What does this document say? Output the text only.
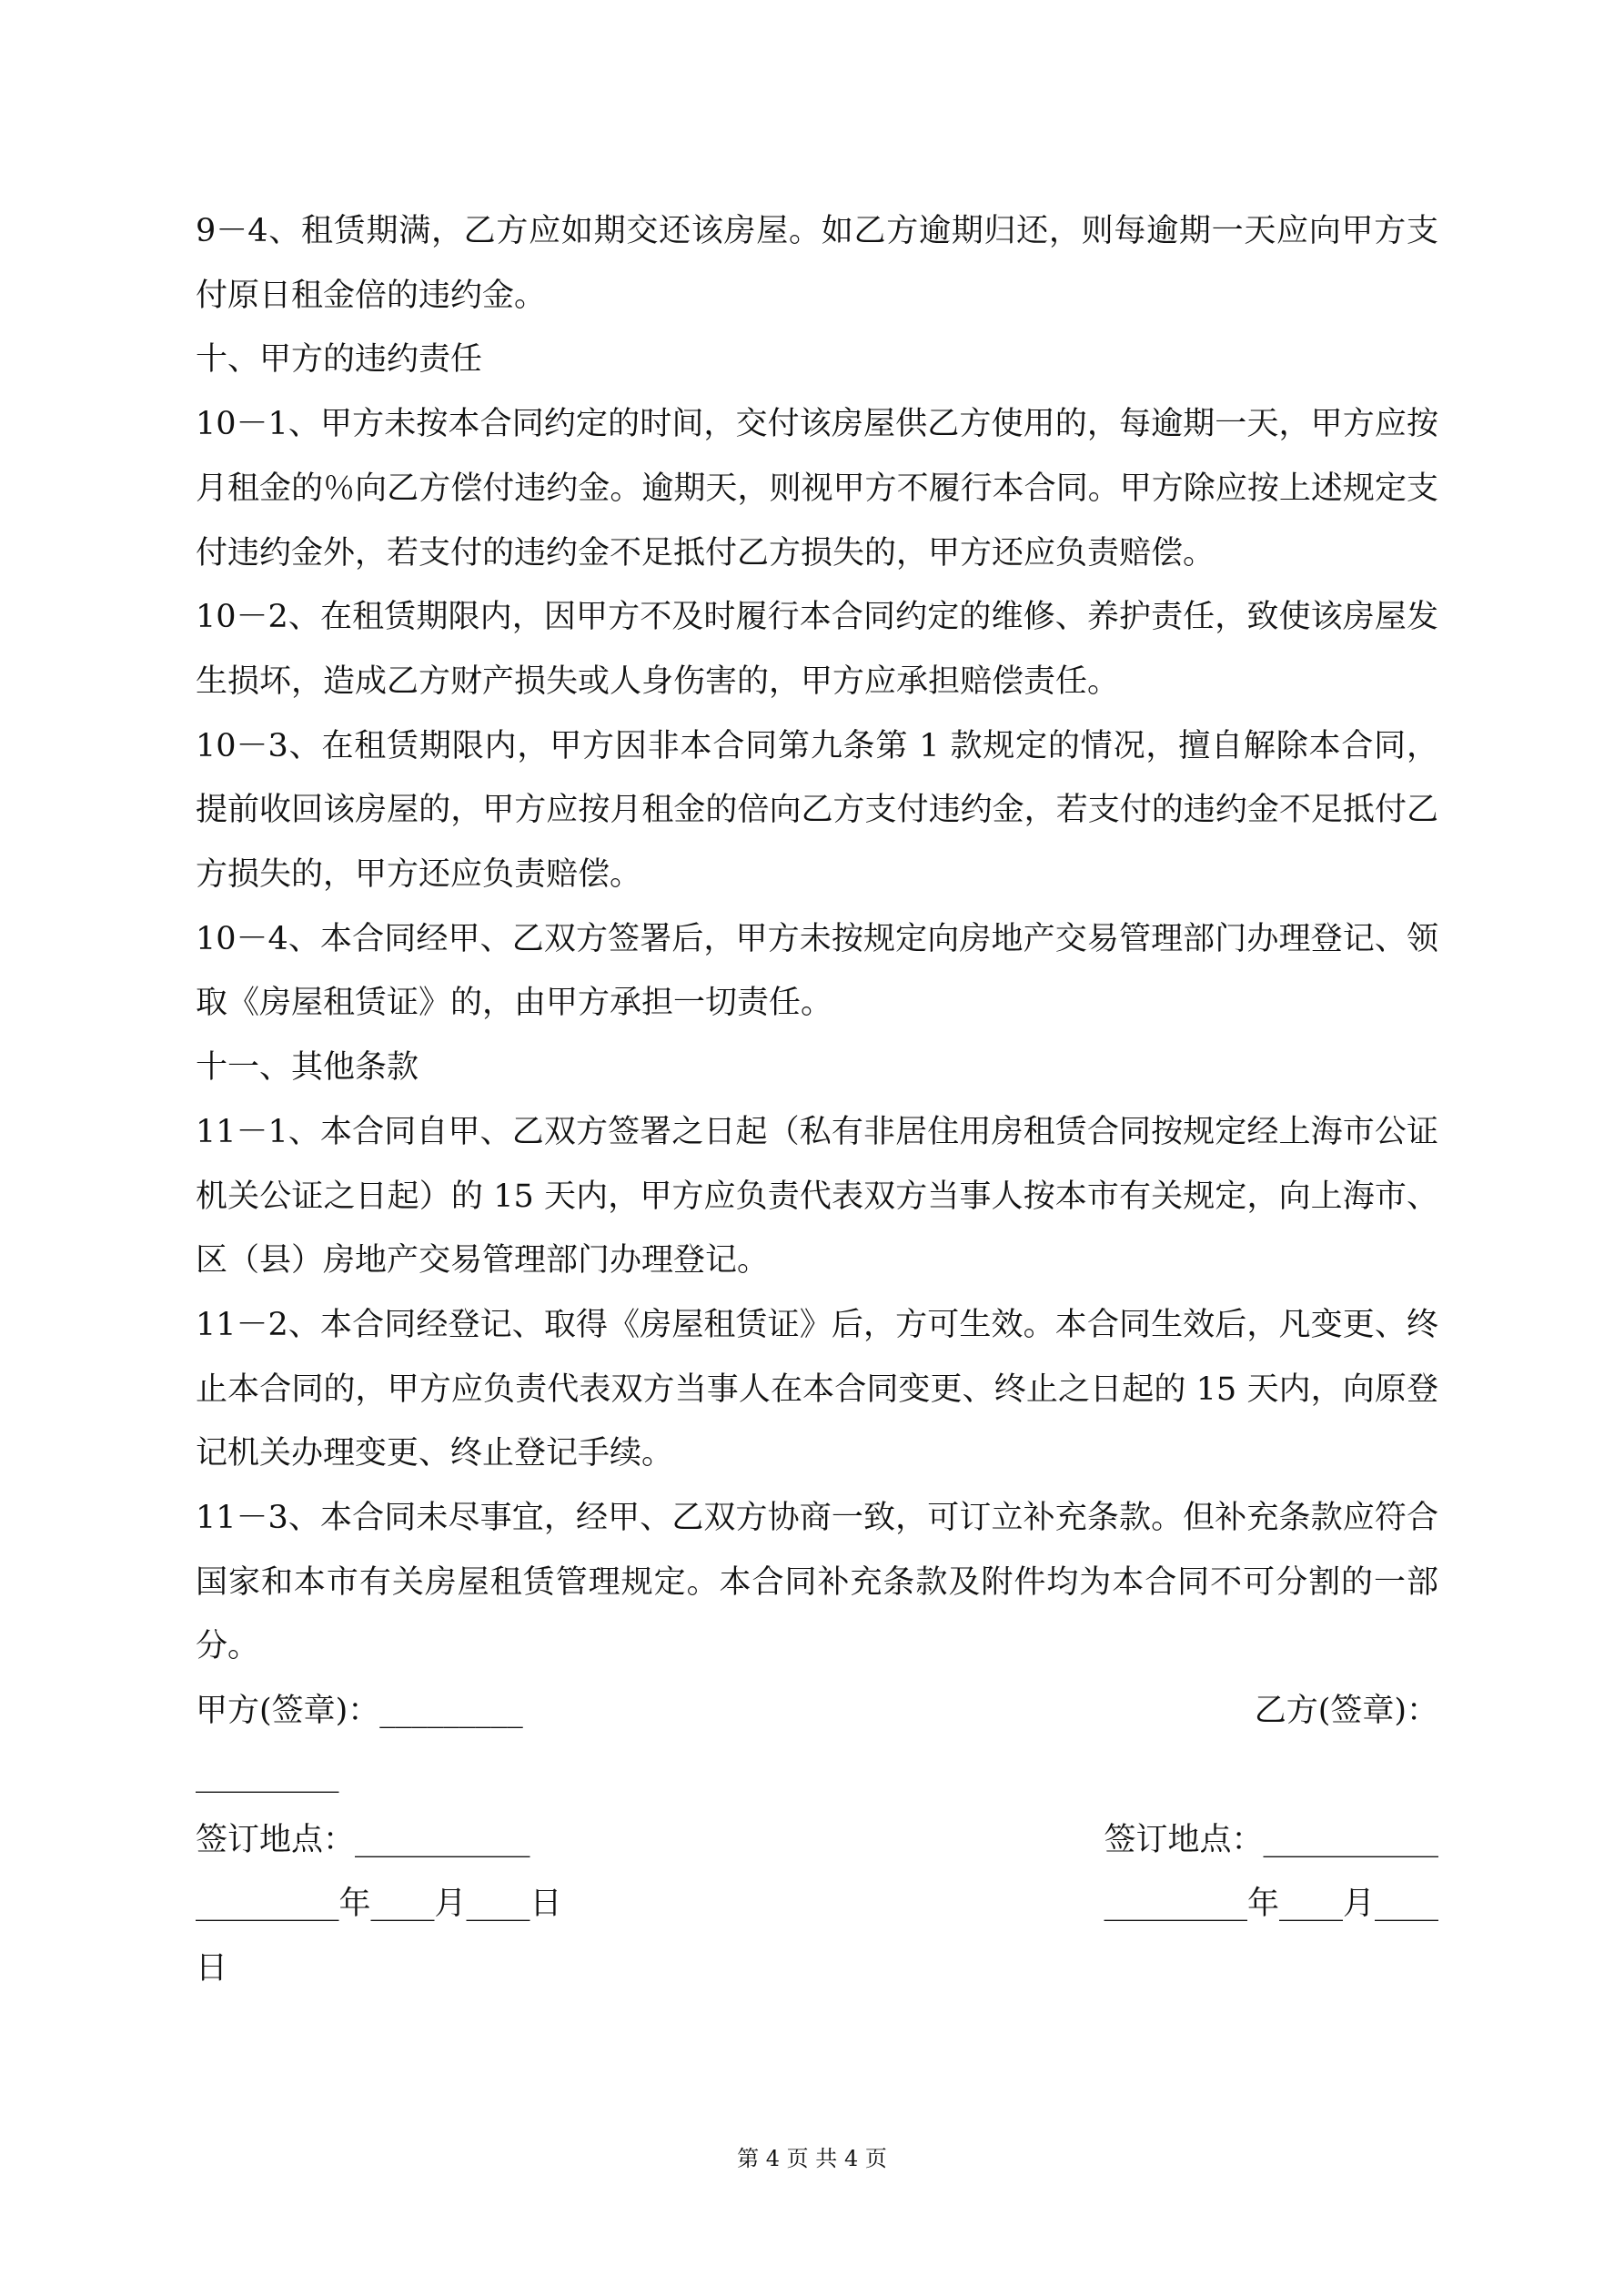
9－4、租赁期满，乙方应如期交还该房屋。如乙方逾期归还，则每逾期一天应向甲方支付原日租金倍的违约金。

十、甲方的违约责任

10－1、甲方未按本合同约定的时间，交付该房屋供乙方使用的，每逾期一天，甲方应按月租金的％向乙方偿付违约金。逾期天，则视甲方不履行本合同。甲方除应按上述规定支付违约金外，若支付的违约金不足抵付乙方损失的，甲方还应负责赔偿。

10－2、在租赁期限内，因甲方不及时履行本合同约定的维修、养护责任，致使该房屋发生损坏，造成乙方财产损失或人身伤害的，甲方应承担赔偿责任。

10－3、在租赁期限内，甲方因非本合同第九条第 1 款规定的情况，擅自解除本合同，提前收回该房屋的，甲方应按月租金的倍向乙方支付违约金，若支付的违约金不足抵付乙方损失的，甲方还应负责赔偿。

10－4、本合同经甲、乙双方签署后，甲方未按规定向房地产交易管理部门办理登记、领取《房屋租赁证》的，由甲方承担一切责任。

十一、其他条款

11－1、本合同自甲、乙双方签署之日起（私有非居住用房租赁合同按规定经上海市公证机关公证之日起）的 15 天内，甲方应负责代表双方当事人按本市有关规定，向上海市、区（县）房地产交易管理部门办理登记。

11－2、本合同经登记、取得《房屋租赁证》后，方可生效。本合同生效后，凡变更、终止本合同的，甲方应负责代表双方当事人在本合同变更、终止之日起的 15 天内，向原登记机关办理变更、终止登记手续。

11－3、本合同未尽事宜，经甲、乙双方协商一致，可订立补充条款。但补充条款应符合国家和本市有关房屋租赁管理规定。本合同补充条款及附件均为本合同不可分割的一部分。

甲方(签章)：_________	乙方(签章)：
_________
签订地点：___________	签订地点：___________
_________年____月____日	_________年____月____
日
第 4 页 共 4 页
